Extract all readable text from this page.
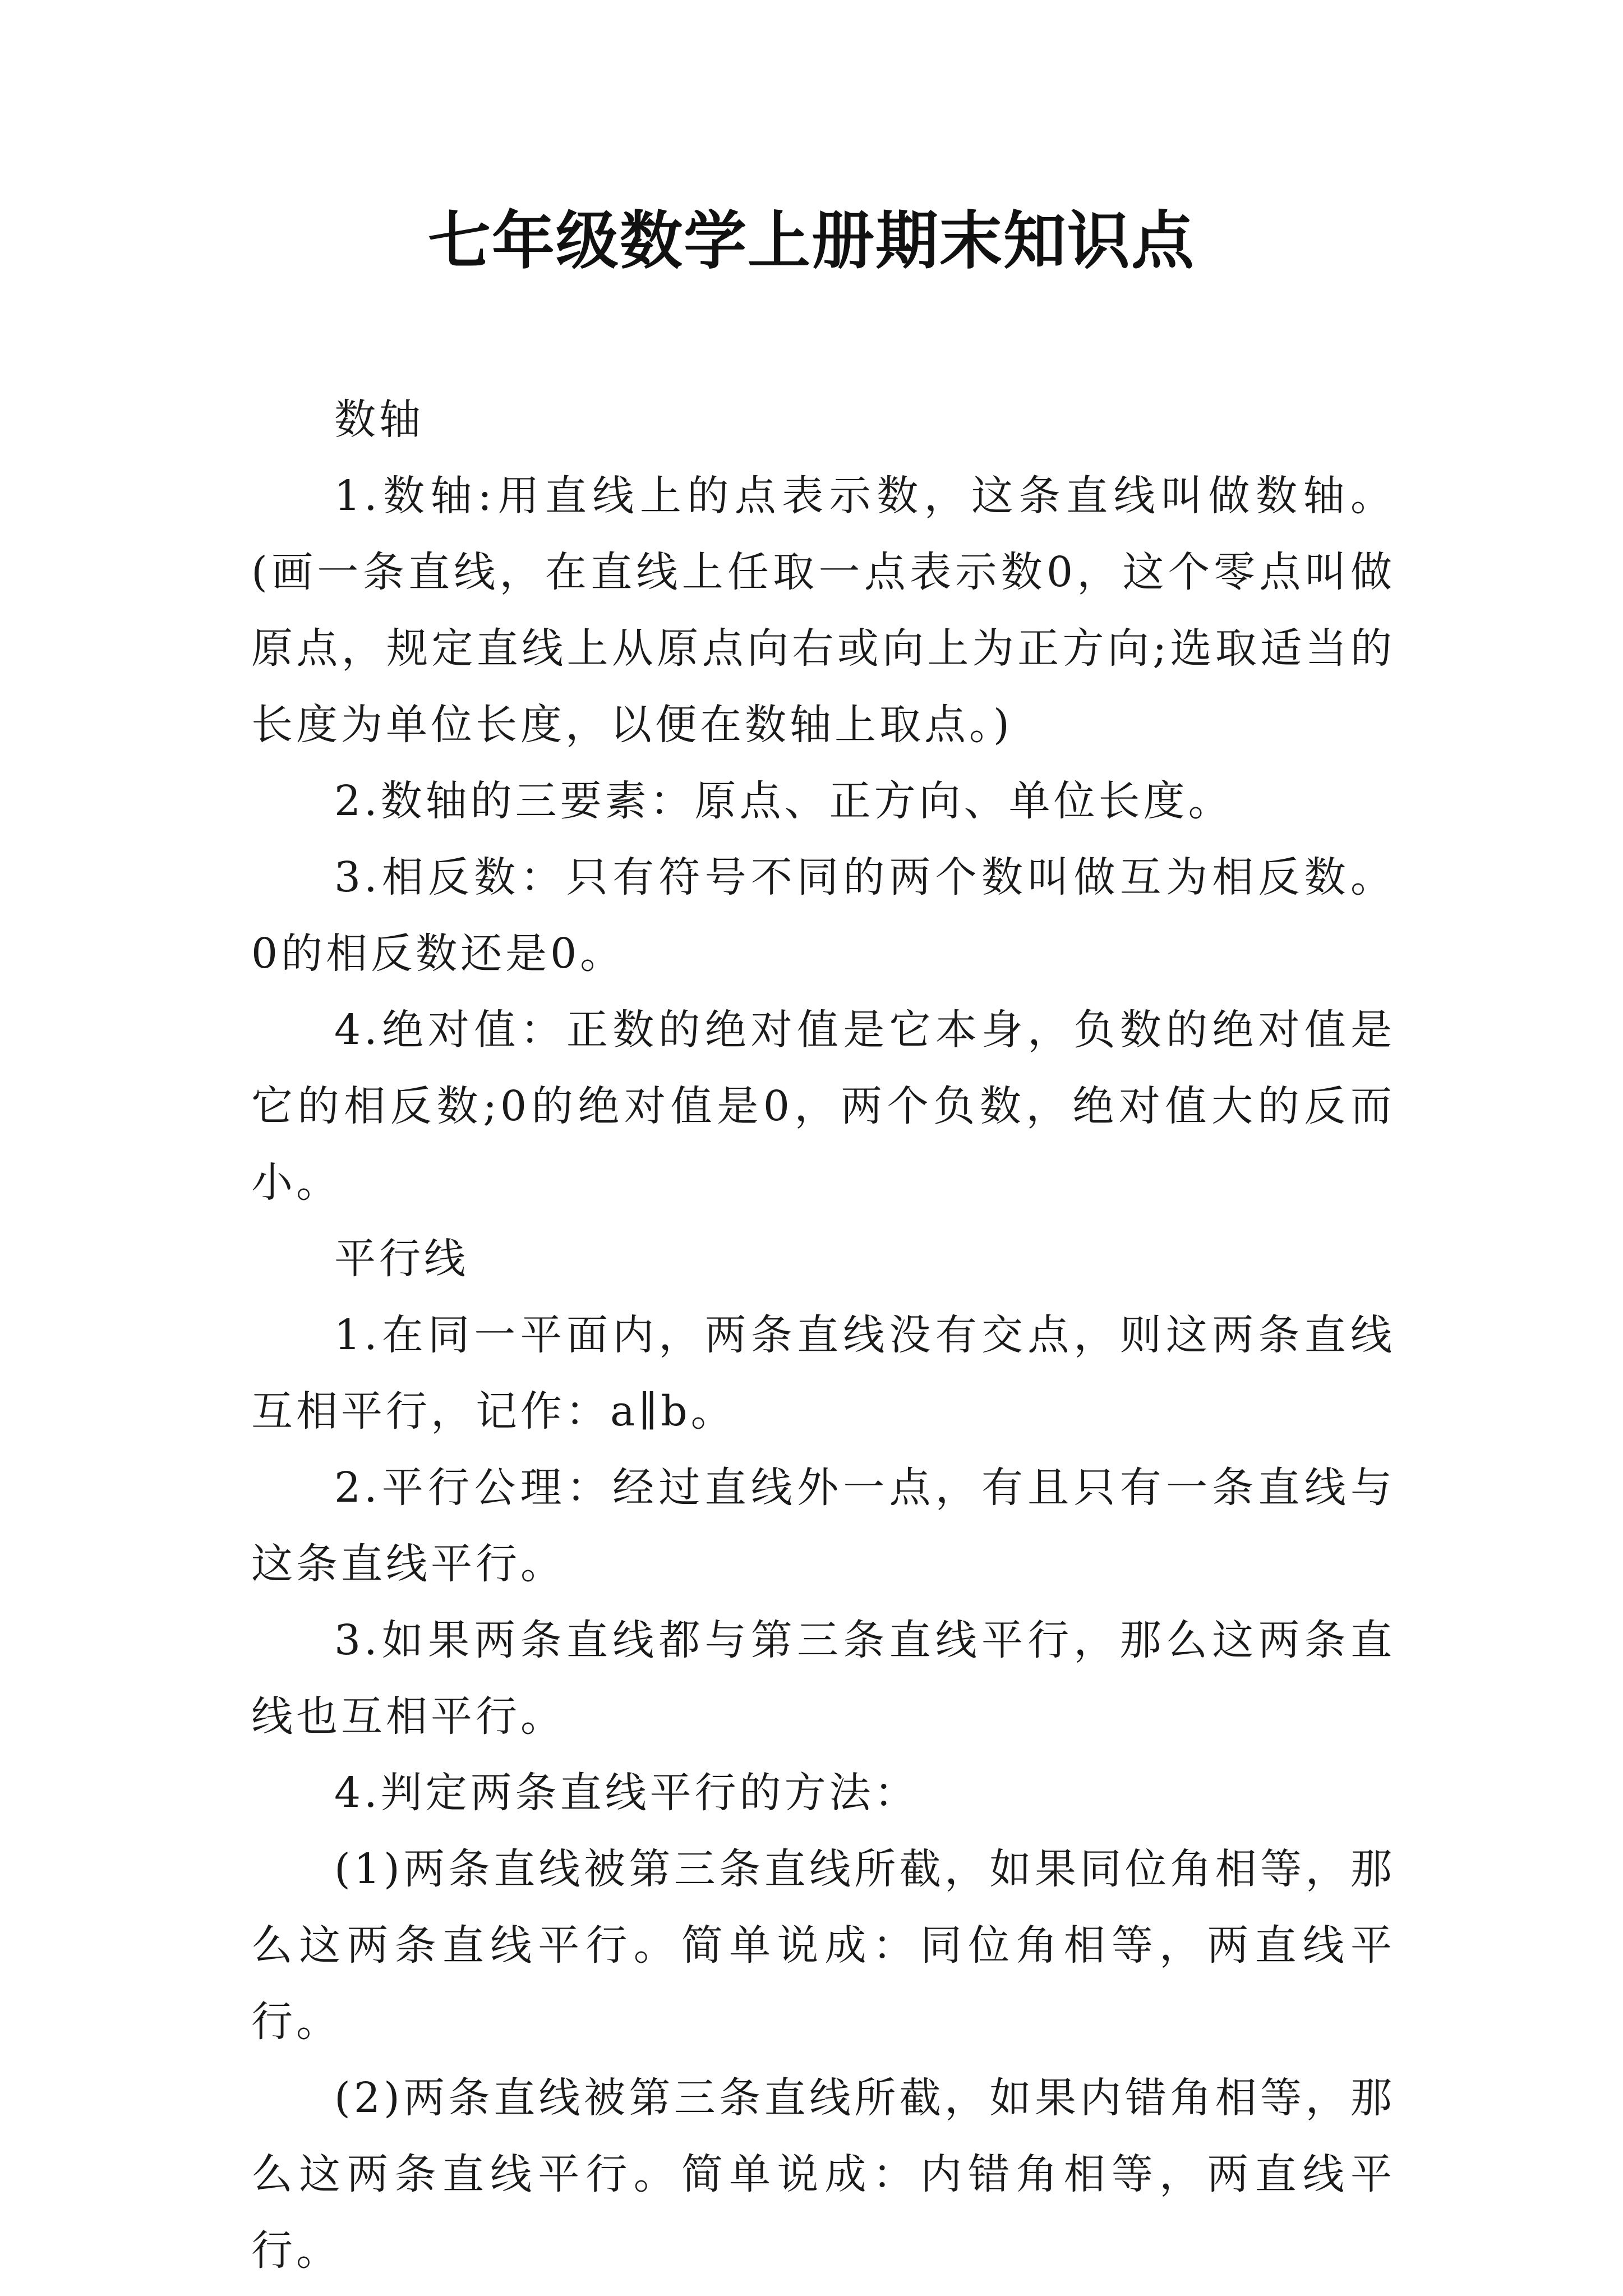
七年级数学上册期末知识点

数轴

1.数轴:用直线上的点表示数，这条直线叫做数轴。(画一条直线，在直线上任取一点表示数0，这个零点叫做原点，规定直线上从原点向右或向上为正方向;选取适当的长度为单位长度，以便在数轴上取点。)

2.数轴的三要素：原点、正方向、单位长度。

3.相反数：只有符号不同的两个数叫做互为相反数。0的相反数还是0。

4.绝对值：正数的绝对值是它本身，负数的绝对值是它的相反数;0的绝对值是0，两个负数，绝对值大的反而小。

平行线

1.在同一平面内，两条直线没有交点，则这两条直线互相平行，记作：a∥b。

2.平行公理：经过直线外一点，有且只有一条直线与这条直线平行。

3.如果两条直线都与第三条直线平行，那么这两条直线也互相平行。

4.判定两条直线平行的方法：

(1)两条直线被第三条直线所截，如果同位角相等，那么这两条直线平行。简单说成：同位角相等，两直线平行。

(2)两条直线被第三条直线所截，如果内错角相等，那么这两条直线平行。简单说成：内错角相等，两直线平行。
